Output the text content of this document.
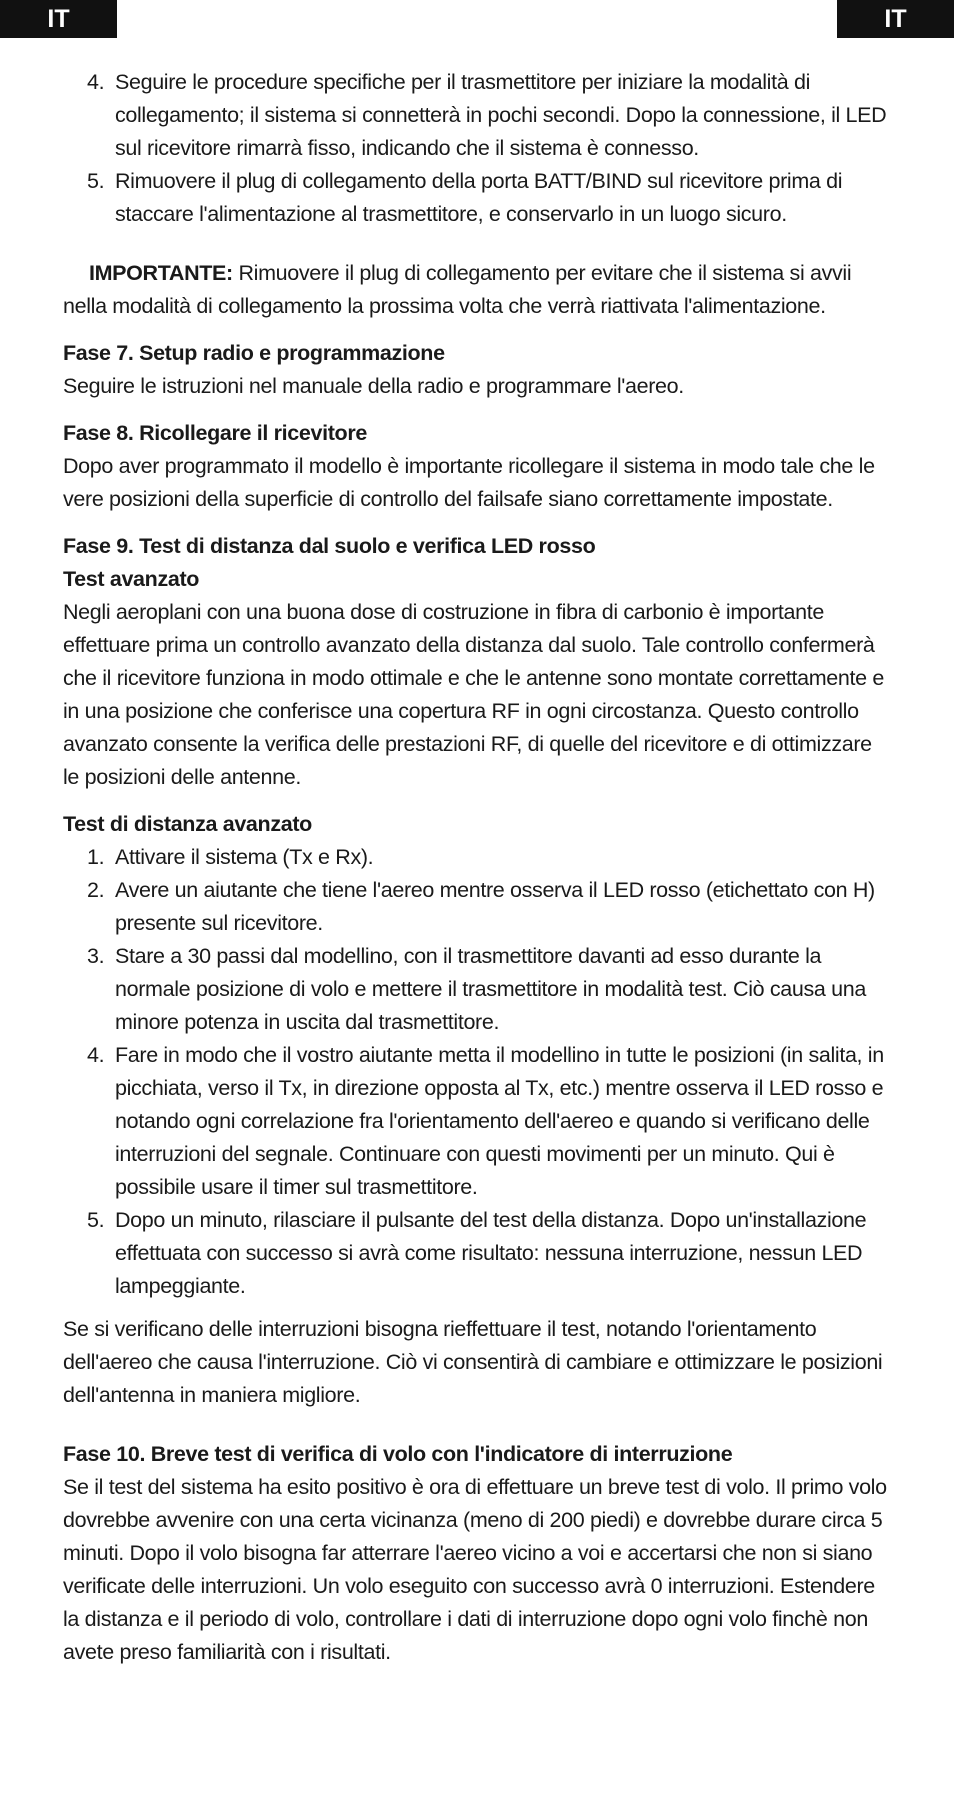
IT	IT
4. Seguire le procedure specifiche per il trasmettitore per iniziare la modalità di collegamento; il sistema si connetterà in pochi secondi. Dopo la connessione, il LED sul ricevitore rimarrà fisso, indicando che il sistema è connesso.
5. Rimuovere il plug di collegamento della porta BATT/BIND sul ricevitore prima di staccare l'alimentazione al trasmettitore, e conservarlo in un luogo sicuro.

IMPORTANTE: Rimuovere il plug di collegamento per evitare che il sistema si avvii nella modalità di collegamento la prossima volta che verrà riattivata l'alimentazione.

Fase 7. Setup radio e programmazione

Seguire le istruzioni nel manuale della radio e programmare l'aereo.

Fase 8. Ricollegare il ricevitore

Dopo aver programmato il modello è importante ricollegare il sistema in modo tale che le vere posizioni della superficie di controllo del failsafe siano correttamente impostate.

Fase 9. Test di distanza dal suolo e verifica LED rosso

Test avanzato

Negli aeroplani con una buona dose di costruzione in fibra di carbonio è importante effettuare prima un controllo avanzato della distanza dal suolo. Tale controllo confermerà che il ricevitore funziona in modo ottimale e che le antenne sono montate correttamente e in una posizione che conferisce una copertura RF in ogni circostanza. Questo controllo avanzato consente la verifica delle prestazioni RF, di quelle del ricevitore e di ottimizzare le posizioni delle antenne.

Test di distanza avanzato

1. Attivare il sistema (Tx e Rx).
2. Avere un aiutante che tiene l'aereo mentre osserva il LED rosso (etichettato con H) presente sul ricevitore.
3. Stare a 30 passi dal modellino, con il trasmettitore davanti ad esso durante la normale posizione di volo e mettere il trasmettitore in modalità test. Ciò causa una minore potenza in uscita dal trasmettitore.
4. Fare in modo che il vostro aiutante metta il modellino in tutte le posizioni (in salita, in picchiata, verso il Tx, in direzione opposta al Tx, etc.) mentre osserva il LED rosso e notando ogni correlazione fra l'orientamento dell'aereo e quando si verificano delle interruzioni del segnale. Continuare con questi movimenti per un minuto. Qui è possibile usare il timer sul trasmettitore.
5. Dopo un minuto, rilasciare il pulsante del test della distanza. Dopo un'installazione effettuata con successo si avrà come risultato: nessuna interruzione, nessun LED lampeggiante.

Se si verificano delle interruzioni bisogna rieffettuare il test, notando l'orientamento dell'aereo che causa l'interruzione. Ciò vi consentirà di cambiare e ottimizzare le posizioni dell'antenna in maniera migliore.

Fase 10. Breve test di verifica di volo con l'indicatore di interruzione

Se il test del sistema ha esito positivo è ora di effettuare un breve test di volo. Il primo volo dovrebbe avvenire con una certa vicinanza (meno di 200 piedi) e dovrebbe durare circa 5 minuti. Dopo il volo bisogna far atterrare l'aereo vicino a voi e accertarsi che non si siano verificate delle interruzioni. Un volo eseguito con successo avrà 0 interruzioni. Estendere la distanza e il periodo di volo, controllare i dati di interruzione dopo ogni volo finchè non avete preso familiarità con i risultati.
